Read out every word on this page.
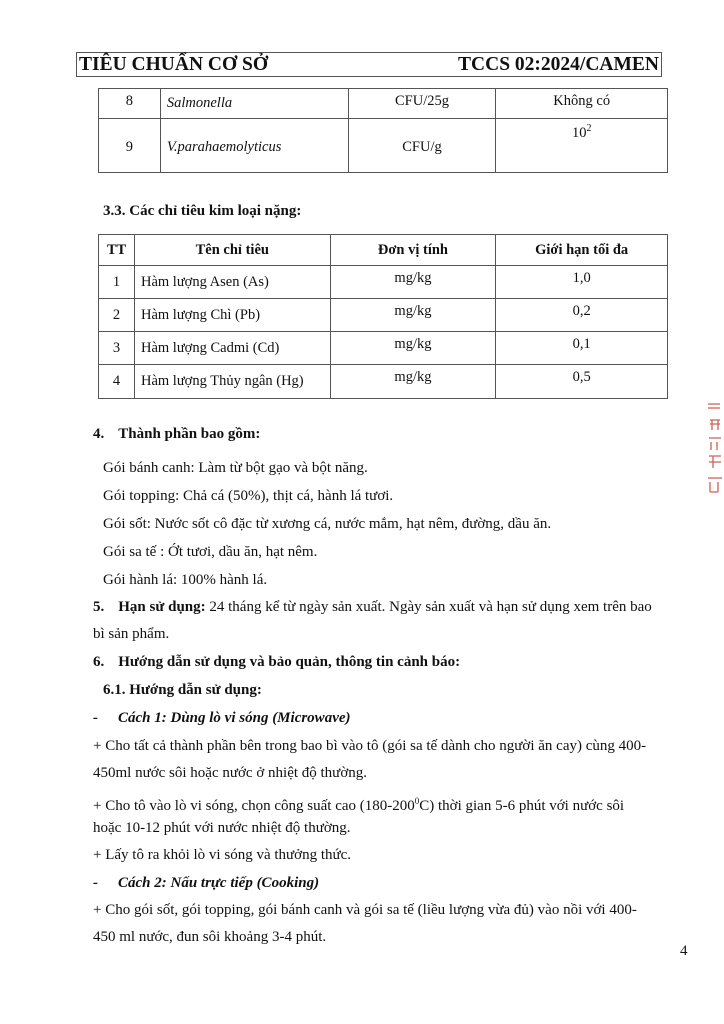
TIÊU CHUẨN CƠ SỞ	TCCS 02:2024/CAMEN
8	Salmonella	CFU/25g	Không có
9	V.parahaemolyticus	CFU/g	$10^2$
3.3. Các chỉ tiêu kim loại nặng:
TT	Tên chỉ tiêu	Đơn vị tính	Giới hạn tối đa
1	Hàm lượng Asen (As)	mg/kg	1,0
2	Hàm lượng Chì (Pb)	mg/kg	0,2
3	Hàm lượng Cadmi (Cd)	mg/kg	0,1
4	Hàm lượng Thủy ngân (Hg)	mg/kg	0,5
4. Thành phần bao gồm:
Gói bánh canh: Làm từ bột gạo và bột năng.
Gói topping: Chả cá (50%), thịt cá, hành lá tươi.
Gói sốt: Nước sốt cô đặc từ xương cá, nước mắm, hạt nêm, đường, dầu ăn.
Gói sa tế : Ớt tươi, dầu ăn, hạt nêm.
Gói hành lá: 100% hành lá.
5. Hạn sử dụng: 24 tháng kể từ ngày sản xuất. Ngày sản xuất và hạn sử dụng xem trên bao
bì sản phẩm.
6. Hướng dẫn sử dụng và bảo quản, thông tin cảnh báo:
6.1. Hướng dẫn sử dụng:
- Cách 1: Dùng lò vi sóng (Microwave)
+ Cho tất cả thành phần bên trong bao bì vào tô (gói sa tế dành cho người ăn cay) cùng 400-
450ml nước sôi hoặc nước ở nhiệt độ thường.
+ Cho tô vào lò vi sóng, chọn công suất cao $(180-200^0C)$ thời gian 5-6 phút với nước sôi
hoặc 10-12 phút với nước nhiệt độ thường.
+ Lấy tô ra khỏi lò vi sóng và thưởng thức.
- Cách 2: Nấu trực tiếp (Cooking)
+ Cho gói sốt, gói topping, gói bánh canh và gói sa tế (liều lượng vừa đủ) vào nồi với 400-
450 ml nước, đun sôi khoảng 3-4 phút.
4
